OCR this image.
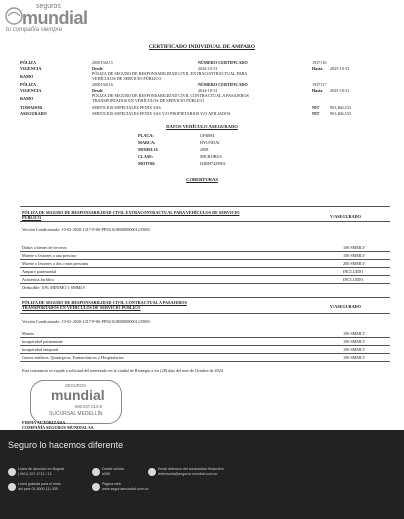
seguros
mundial
tu compañía siempre
CERTIFICADO INDIVIDUAL DE AMPARO
PÓLIZA	2000156115	NÚMERO CERTIFICADO	1937116
VIGENCIA	Desde	2024-10-31	Hasta 2025-10-21
RAMO
PÓLIZA DE SEGURO DE RESPONSABILIDAD CIVIL EXTRACONTRACTUAL PARA VEHÍCULOS DE SERVICIO PÚBLICO
PÓLIZA	2000156116	NÚMERO CERTIFICADO	1937117
VIGENCIA	Desde	2024-10-31	Hasta 2025-10-21
RAMO
PÓLIZA DE SEGURO DE RESPONSABILIDAD CIVIL CONTRACTUAL A PASAJEROS TRANSPORTADOS EN VEHÍCULOS DE SERVICIO PÚBLICO
TOMADOR	SERVICIOS ESPECIALES FENIX SAS	NIT	901,466,533
ASEGURADO	SERVICIOS ESPECIALES FENIX SAS Y/O PROPIETARIOS Y/O AFILIADOS	NIT	901,466,533
DATOS VEHÍCULO ASEGURADO
PLACA:	UFR084
MARCA:	HYUNDAI
MODELO:	2008
CLASE:	MICROBUS
MOTOR:	D4BH7429902
COBERTURAS
PÓLIZA DE SEGURO DE RESPONSABILIDAD CIVIL EXTRACONTRACTUAL PARA VEHÍCULOS DE SERVICIO PÚBLICO	V/ASEGURADO
Versión Condicionado: 10-02-2020-1317-P-06-PPSUS10R000000012-D00I
Daños a bienes de terceros	100 SMMLV
Muerte o lesiones a una persona	100 SMMLV
Muerte o lesiones a dos o más personas	200 SMMLV
Amparo patrimonial	INCLUIDO
Asistencia Jurídica	INCLUIDO
Deducible: 10% MINIMO 1 SMMLV
PÓLIZA DE SEGURO DE RESPONSABILIDAD CIVIL CONTRACTUAL A PASAJEROS TRANSPORTADOS EN VEHÍCULOS DE SERVICIO PÚBLICO	V/ASEGURADO
Versión Condicionado: 10-02-2020-1317-P-06-PPSUS10R000000012-D00I
Muerte	100 SMMLV
Incapacidad permanente	100 SMMLV
Incapacidad temporal	100 SMMLV
Gastos médicos, Quirúrgicos, Farmacéuticos y Hospitalarios	100 SMMLV
Esta constancia se expide a solicitud del interesado en la ciudad de Rionegro a los (28) días del mes de Octubre de 2024
SEGUROS
mundial
860.037.013-6
SUCURSAL MEDELLÍN
FIRMA AUTORIZADA
COMPAÑÍA SEGUROS MUNDIAL SA
Seguro lo hacemos diferente
Línea de atención en Bogotá
(+601) 327 4712 / 13
Desde celular
#935
Email defensor del consumidor financiero
defensoria@seguros mundial.com.co
Línea gratuita para el resto
del país 01 8000 111 935
Página web
www.segurosmundial.com.co
